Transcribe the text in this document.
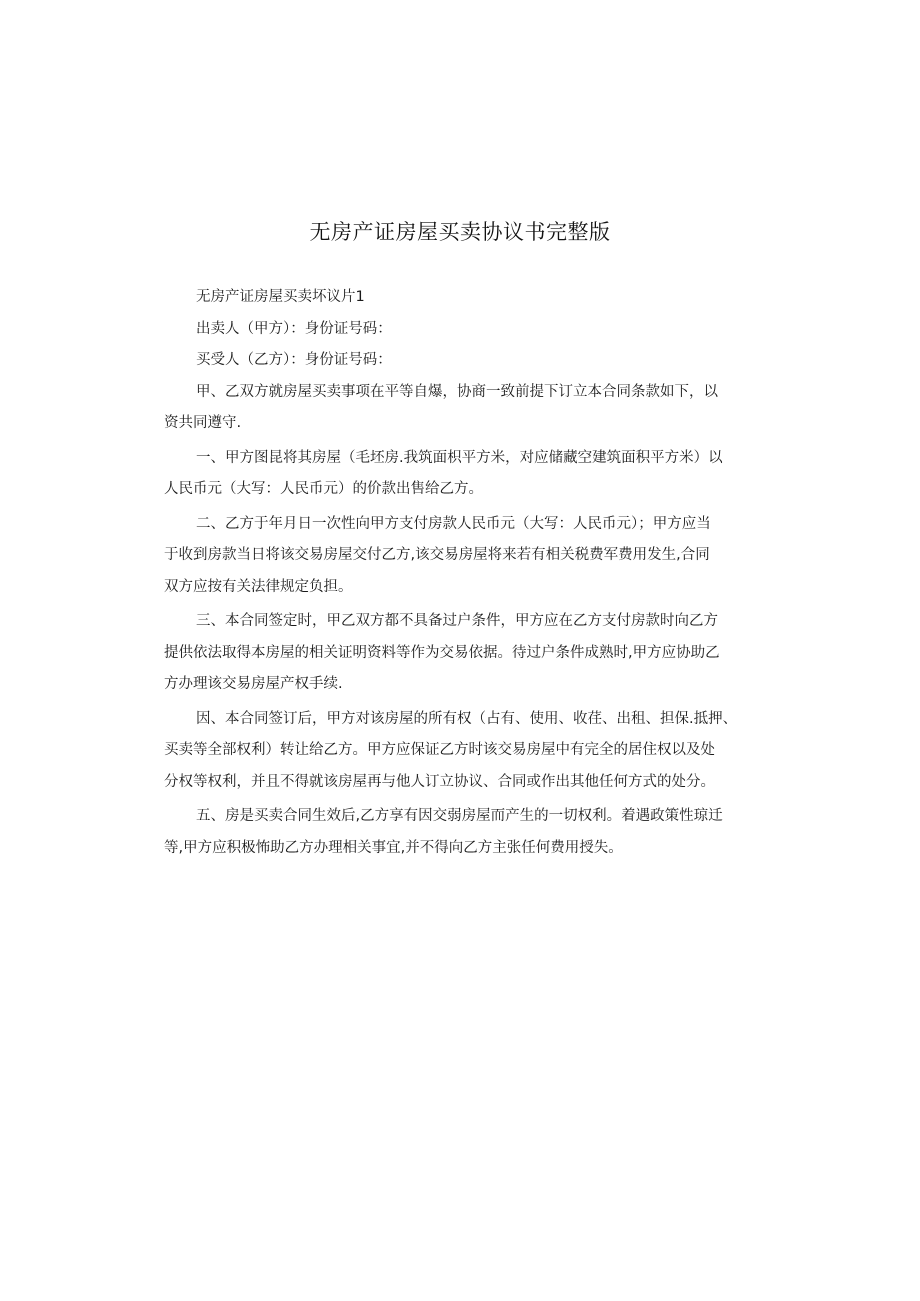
无房产证房屋买卖协议书完整版
无房产证房屋买卖坏议片1
出卖人（甲方）：身份证号码：
买受人（乙方）：身份证号码：
甲、乙双方就房屋买卖事项在平等自爆，协商一致前提下订立本合同条款如下，以
资共同遵守.
一、甲方图昆将其房屋（毛坯房.我筑面枳平方米，对应储藏空建筑面积平方米）以
人民币元（大写：人民币元）的价款出售给乙方。
二、乙方于年月日一次性向甲方支付房款人民币元（大写：人民币元）；甲方应当
于收到房款当日将该交易房屋交付乙方,该交易房屋将来若有相关税费军费用发生,合同
双方应按有关法律规定负担。
三、本合同签定时，甲乙双方都不具备过户条件，甲方应在乙方支付房款时向乙方
提供依法取得本房屋的相关证明资料等作为交易依据。待过户条件成熟时,甲方应协助乙
方办理该交易房屋产权手续.
因、本合同签订后，甲方对该房屋的所有权（占有、使用、收荏、出租、担保.抵押、
买卖等全部权利）转让给乙方。甲方应保证乙方时该交易房屋中有完全的居住权以及处
分权等权利，并且不得就该房屋再与他人订立协议、合同或作出其他任何方式的处分。
五、房是买卖合同生效后,乙方享有因交弱房屋而产生的一切权利。着遇政策性琼迁
等,甲方应积极怖助乙方办理相关事宜,并不得向乙方主张任何费用授失。
